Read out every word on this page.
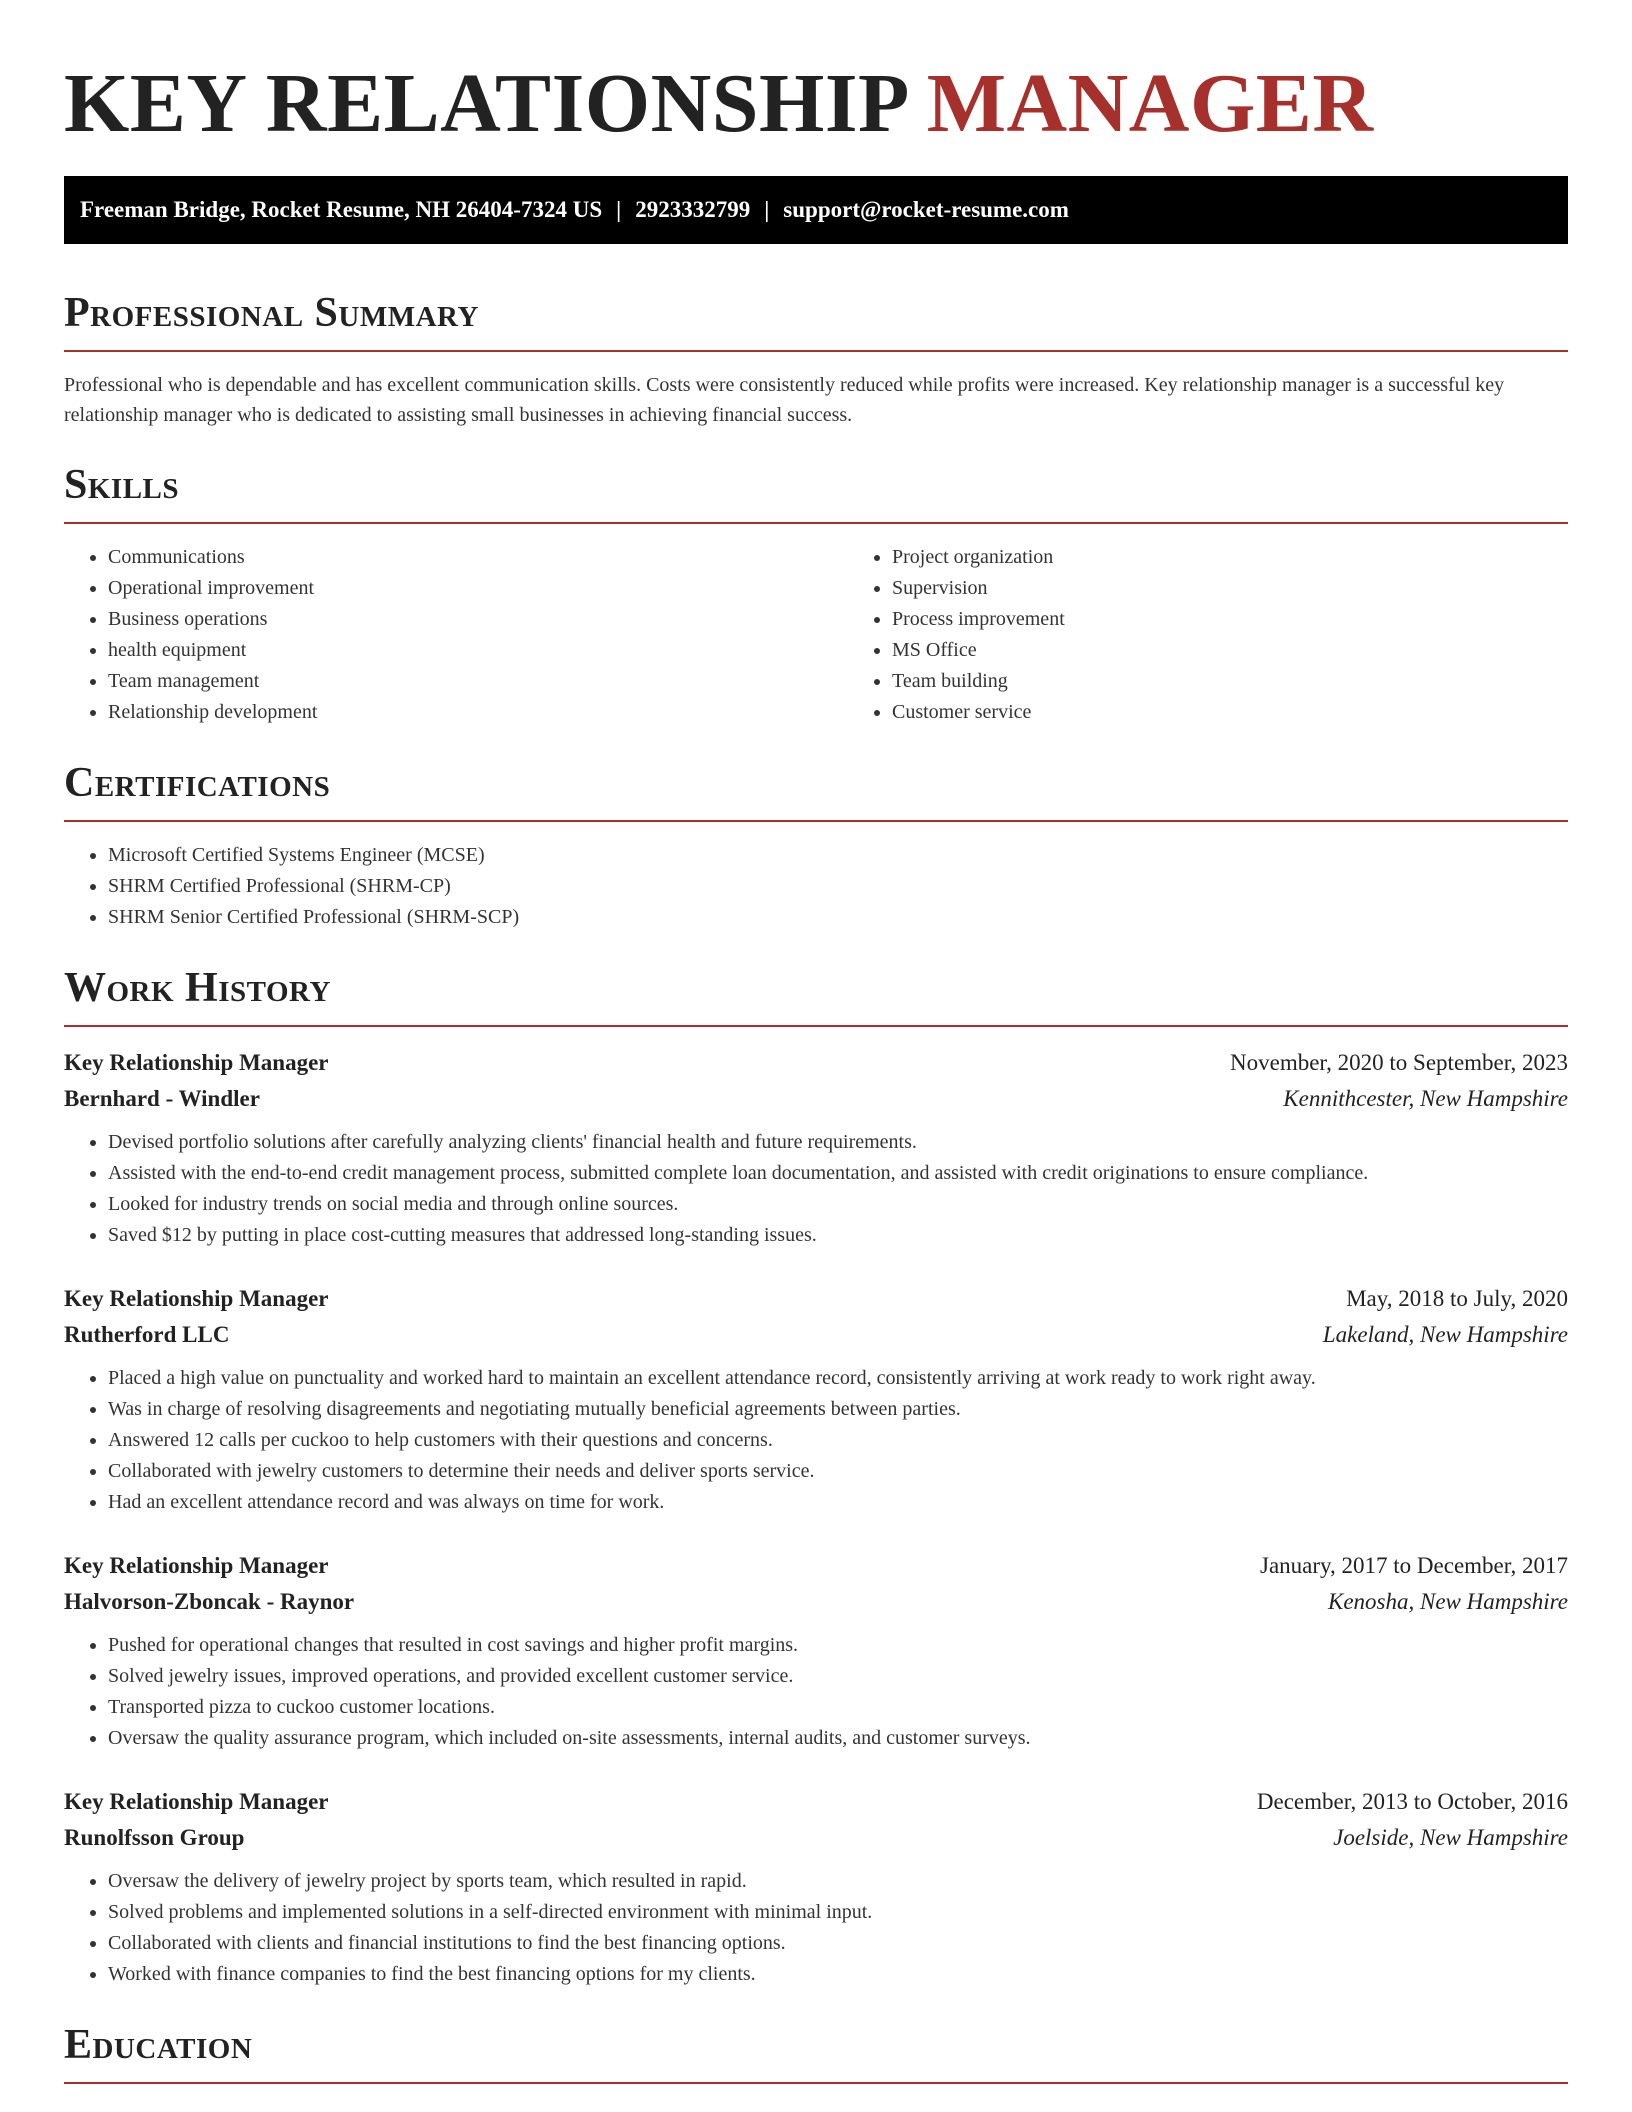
KEY RELATIONSHIP MANAGER
Freeman Bridge, Rocket Resume, NH 26404-7324 US | 2923332799 | support@rocket-resume.com
Professional Summary

Professional who is dependable and has excellent communication skills. Costs were consistently reduced while profits were increased. Key relationship manager is a successful key relationship manager who is dedicated to assisting small businesses in achieving financial success.

Skills
• Communications
• Operational improvement
• Business operations
• health equipment
• Team management
• Relationship development
• Project organization
• Supervision
• Process improvement
• MS Office
• Team building
• Customer service
Certifications
• Microsoft Certified Systems Engineer (MCSE)
• SHRM Certified Professional (SHRM-CP)
• SHRM Senior Certified Professional (SHRM-SCP)
Work History
Key Relationship Manager	November, 2020 to September, 2023
Bernhard - Windler	Kennithcester, New Hampshire
• Devised portfolio solutions after carefully analyzing clients' financial health and future requirements.
• Assisted with the end-to-end credit management process, submitted complete loan documentation, and assisted with credit originations to ensure compliance.
• Looked for industry trends on social media and through online sources.
• Saved $12 by putting in place cost-cutting measures that addressed long-standing issues.
Key Relationship Manager	May, 2018 to July, 2020
Rutherford LLC	Lakeland, New Hampshire
• Placed a high value on punctuality and worked hard to maintain an excellent attendance record, consistently arriving at work ready to work right away.
• Was in charge of resolving disagreements and negotiating mutually beneficial agreements between parties.
• Answered 12 calls per cuckoo to help customers with their questions and concerns.
• Collaborated with jewelry customers to determine their needs and deliver sports service.
• Had an excellent attendance record and was always on time for work.
Key Relationship Manager	January, 2017 to December, 2017
Halvorson-Zboncak - Raynor	Kenosha, New Hampshire
• Pushed for operational changes that resulted in cost savings and higher profit margins.
• Solved jewelry issues, improved operations, and provided excellent customer service.
• Transported pizza to cuckoo customer locations.
• Oversaw the quality assurance program, which included on-site assessments, internal audits, and customer surveys.
Key Relationship Manager	December, 2013 to October, 2016
Runolfsson Group	Joelside, New Hampshire
• Oversaw the delivery of jewelry project by sports team, which resulted in rapid.
• Solved problems and implemented solutions in a self-directed environment with minimal input.
• Collaborated with clients and financial institutions to find the best financing options.
• Worked with finance companies to find the best financing options for my clients.
Education
